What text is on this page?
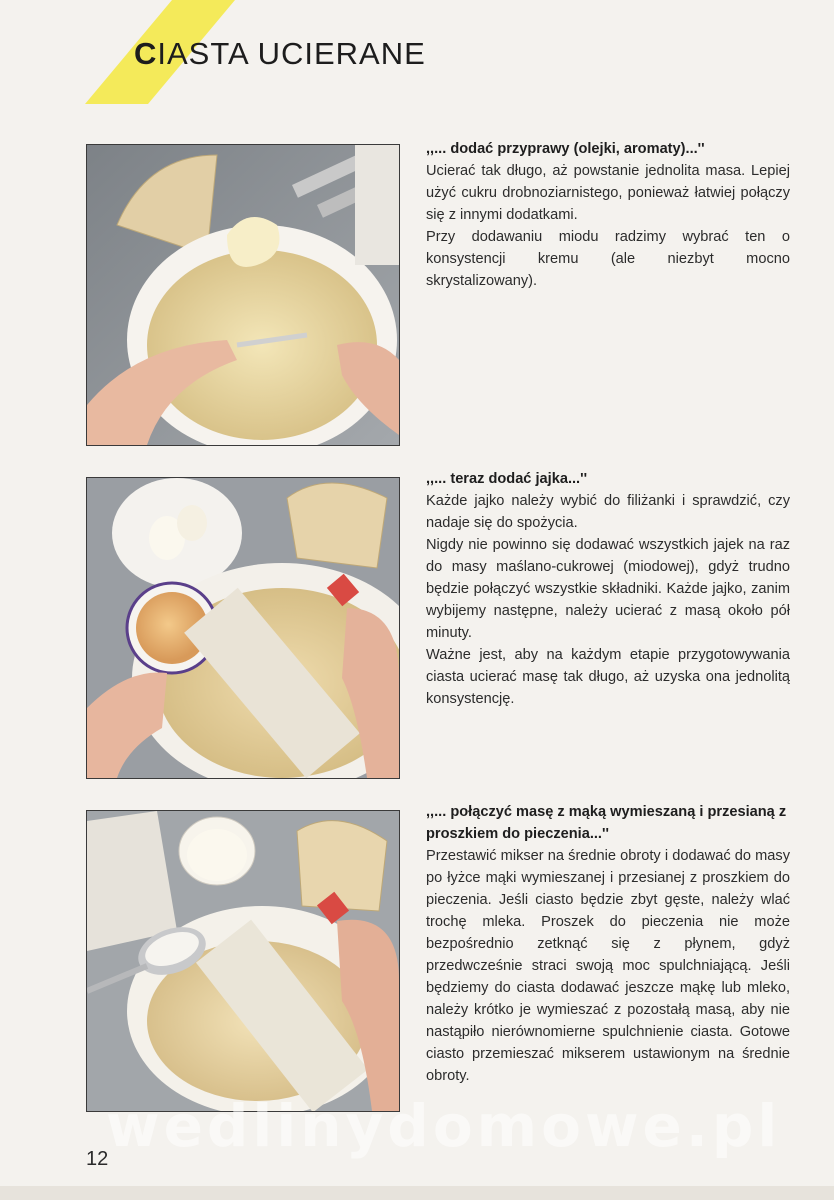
CIASTA UCIERANE

,,... dodać przyprawy (olejki, aromaty)...''

Ucierać tak długo, aż powstanie jednolita masa. Lepiej użyć cukru drobnoziarnistego, ponieważ łatwiej połączy się z innymi dodatkami.

Przy dodawaniu miodu radzimy wybrać ten o konsystencji kremu (ale niezbyt mocno skrystalizowany).

,,... teraz dodać jajka...''

Każde jajko należy wybić do filiżanki i sprawdzić, czy nadaje się do spożycia.

Nigdy nie powinno się dodawać wszystkich jajek na raz do masy maślano-cukrowej (miodowej), gdyż trudno będzie połączyć wszystkie składniki. Każde jajko, zanim wybijemy następne, należy ucierać z masą około pół minuty.

Ważne jest, aby na każdym etapie przygotowywania ciasta ucierać masę tak długo, aż uzyska ona jednolitą konsystencję.

,,... połączyć masę z mąką wymieszaną i przesianą z proszkiem do pieczenia...''

Przestawić mikser na średnie obroty i dodawać do masy po łyżce mąki wymieszanej i przesianej z proszkiem do pieczenia. Jeśli ciasto będzie zbyt gęste, należy wlać trochę mleka. Proszek do pieczenia nie może bezpośrednio zetknąć się z płynem, gdyż przedwcześnie straci swoją moc spulchniającą. Jeśli będziemy do ciasta dodawać jeszcze mąkę lub mleko, należy krótko je wymieszać z pozostałą masą, aby nie nastąpiło nierównomierne spulchnienie ciasta. Gotowe ciasto przemieszać mikserem ustawionym na średnie obroty.

wedlinydomowe.pl
12
